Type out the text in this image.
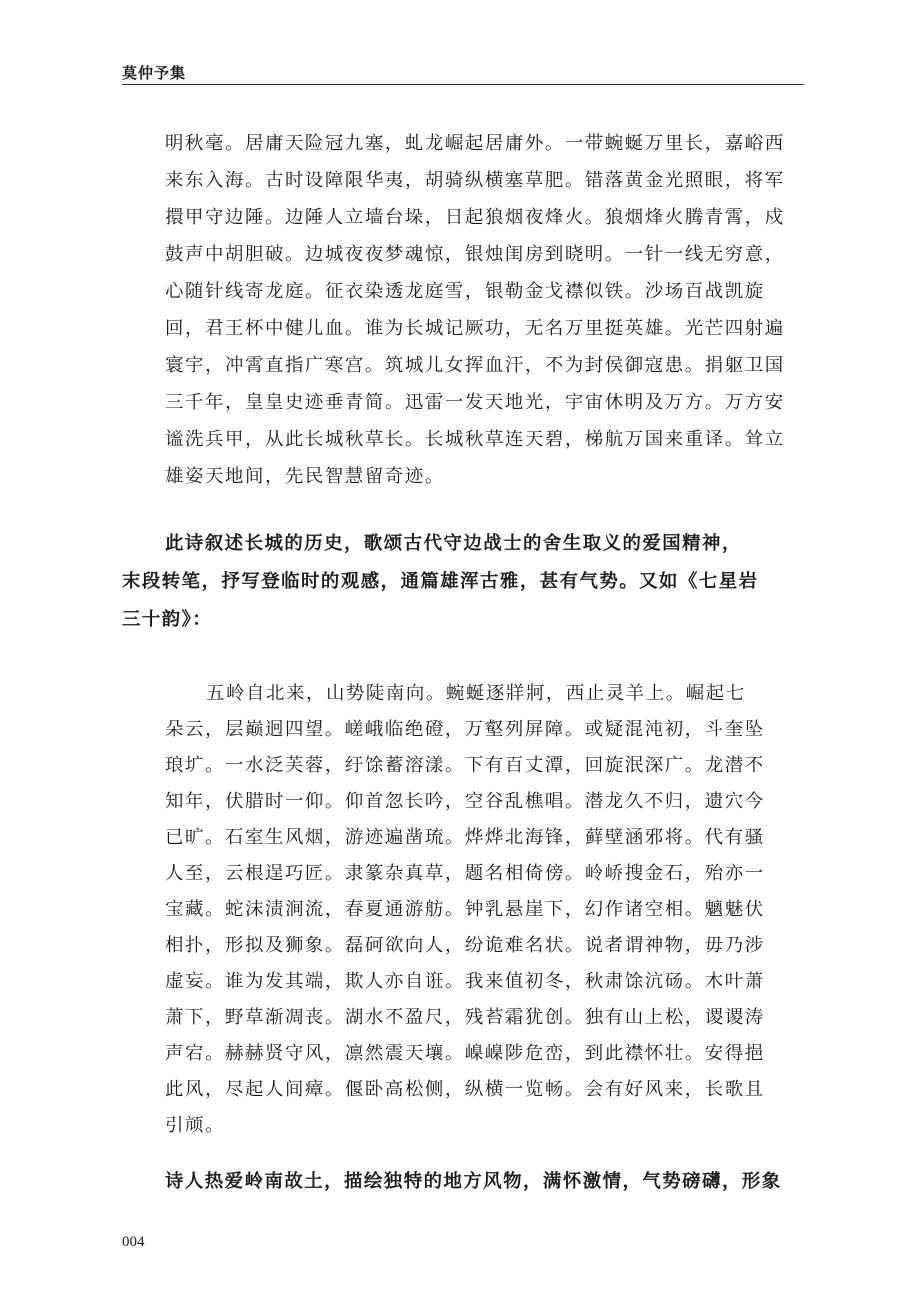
莫仲予集
明秋毫。居庸天险冠九塞，虬龙崛起居庸外。一带蜿蜒万里长，嘉峪西
来东入海。古时设障限华夷，胡骑纵横塞草肥。错落黄金光照眼，将军
擐甲守边陲。边陲人立墙台垛，日起狼烟夜烽火。狼烟烽火腾青霄，戍
鼓声中胡胆破。边城夜夜梦魂惊，银烛闺房到晓明。一针一线无穷意，
心随针线寄龙庭。征衣染透龙庭雪，银勒金戈襟似铁。沙场百战凯旋
回，君王杯中健儿血。谁为长城记厥功，无名万里挺英雄。光芒四射遍
寰宇，冲霄直指广寒宫。筑城儿女挥血汗，不为封侯御寇患。捐躯卫国
三千年，皇皇史迹垂青简。迅雷一发天地光，宇宙休明及万方。万方安
谧洗兵甲，从此长城秋草长。长城秋草连天碧，梯航万国来重译。耸立
雄姿天地间，先民智慧留奇迹。
此诗叙述长城的历史，歌颂古代守边战士的舍生取义的爱国精神，
末段转笔，抒写登临时的观感，通篇雄浑古雅，甚有气势。又如《七星岩
三十韵》：
五岭自北来，山势陡南向。蜿蜒逐牂牁，西止灵羊上。崛起七
朵云，层巅迥四望。嵯峨临绝磴，万壑列屏障。或疑混沌初，斗奎坠
琅圹。一水泛芙蓉，纡馀蓄溶漾。下有百丈潭，回旋泯深广。龙潜不
知年，伏腊时一仰。仰首忽长吟，空谷乱樵唱。潜龙久不归，遗穴今
已旷。石室生风烟，游迹遍凿琉。烨烨北海锋，藓壁涵邪将。代有骚
人至，云根逞巧匠。隶篆杂真草，题名相倚傍。岭峤搜金石，殆亦一
宝藏。蛇沫渍涧流，春夏通游舫。钟乳悬崖下，幻作诸空相。魑魅伏
相扑，形拟及狮象。磊砢欲向人，纷诡难名状。说者谓神物，毋乃涉
虚妄。谁为发其端，欺人亦自诳。我来值初冬，秋肃馀沆砀。木叶萧
萧下，野草渐凋丧。湖水不盈尺，残苔霜犹创。独有山上松，谡谡涛
声宕。赫赫贤守风，凛然震天壤。嵲嵲陟危峦，到此襟怀壮。安得挹
此风，尽起人间瘴。偃卧高松侧，纵横一览畅。会有好风来，长歌且
引颃。
诗人热爱岭南故土，描绘独特的地方风物，满怀激情，气势磅礴，形象
004
